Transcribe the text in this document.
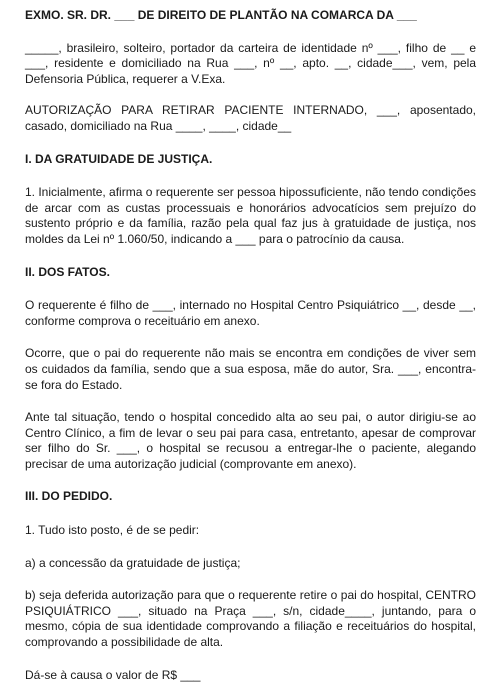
EXMO. SR. DR. ___ DE DIREITO DE PLANTÃO NA COMARCA DA ___

_____, brasileiro, solteiro, portador da carteira de identidade nº ___, filho de __ e ___, residente e domiciliado na Rua ___, nº __, apto. __, cidade___, vem, pela Defensoria Pública, requerer a V.Exa.

AUTORIZAÇÃO PARA RETIRAR PACIENTE INTERNADO, ___, aposentado, casado, domiciliado na Rua ____, ____, cidade__

I. DA GRATUIDADE DE JUSTIÇA.

1. Inicialmente, afirma o requerente ser pessoa hipossuficiente, não tendo condições de arcar com as custas processuais e honorários advocatícios sem prejuízo do sustento próprio e da família, razão pela qual faz jus à gratuidade de justiça, nos moldes da Lei nº 1.060/50, indicando a ___ para o patrocínio da causa.

II. DOS FATOS.

O requerente é filho de ___, internado no Hospital Centro Psiquiátrico __, desde __, conforme comprova o receituário em anexo.

Ocorre, que o pai do requerente não mais se encontra em condições de viver sem os cuidados da família, sendo que a sua esposa, mãe do autor, Sra. ___, encontra-se fora do Estado.

Ante tal situação, tendo o hospital concedido alta ao seu pai, o autor dirigiu-se ao Centro Clínico, a fim de levar o seu pai para casa, entretanto, apesar de comprovar ser filho do Sr. ___, o hospital se recusou a entregar-lhe o paciente, alegando precisar de uma autorização judicial (comprovante em anexo).

III. DO PEDIDO.

1. Tudo isto posto, é de se pedir:

a) a concessão da gratuidade de justiça;

b) seja deferida autorização para que o requerente retire o pai do hospital, CENTRO PSIQUIÁTRICO ___, situado na Praça ___, s/n, cidade____, juntando, para o mesmo, cópia de sua identidade comprovando a filiação e receituários do hospital, comprovando a possibilidade de alta.

Dá-se à causa o valor de R$ ___
